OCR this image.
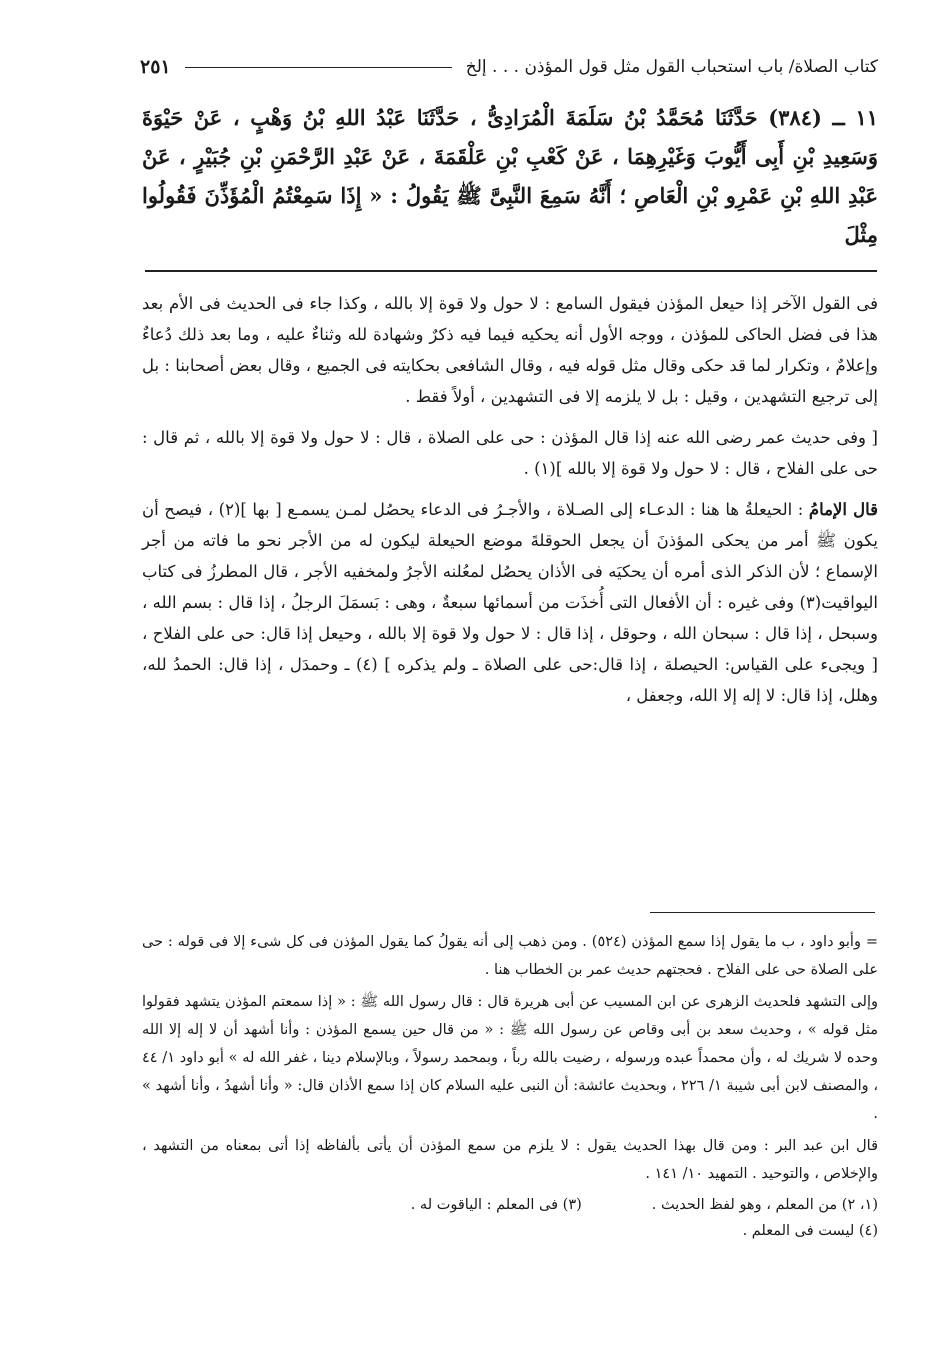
كتاب الصلاة/ باب استحباب القول مثل قول المؤذن . . . إلخ
٢٥١
١١ ــ (٣٨٤) حَدَّثَنَا مُحَمَّدُ بْنُ سَلَمَةَ الْمُرَادِىُّ ، حَدَّثَنَا عَبْدُ اللهِ بْنُ وَهْبٍ ، عَنْ حَيْوَةَ وَسَعِيدِ بْنِ أَبِى أَيُّوبَ وَغَيْرِهِمَا ، عَنْ كَعْبِ بْنِ عَلْقَمَةَ ، عَنْ عَبْدِ الرَّحْمَنِ بْنِ جُبَيْرٍ ، عَنْ عَبْدِ اللهِ بْنِ عَمْرِو بْنِ الْعَاصِ ؛ أَنَّهُ سَمِعَ النَّبِىَّ ﷺ يَقُولُ : « إِذَا سَمِعْتُمُ الْمُؤَذِّنَ فَقُولُوا مِثْلَ

فى القول الآخر إذا حيعل المؤذن فيقول السامع : لا حول ولا قوة إلا بالله ، وكذا جاء فى الحديث فى الأم بعد هذا فى فضل الحاكى للمؤذن ، ووجه الأول أنه يحكيه فيما فيه ذكرٌ وشهادة لله وثناءٌ عليه ، وما بعد ذلك دُعاءٌ وإعلامٌ ، وتكرار لما قد حكى وقال مثل قوله فيه ، وقال الشافعى بحكايته فى الجميع ، وقال بعض أصحابنا : بل إلى ترجيع التشهدين ، وقيل : بل لا يلزمه إلا فى التشهدين ، أولاً فقط .

[ وفى حديث عمر رضى الله عنه إذا قال المؤذن : حى على الصلاة ، قال : لا حول ولا قوة إلا بالله ، ثم قال : حى على الفلاح ، قال : لا حول ولا قوة إلا بالله ](١) .

قال الإمامُ : الحيعلةُ ها هنا : الدعـاء إلى الصـلاة ، والأجـرُ فى الدعاء يحصُل لمـن يسمـع [ بها ](٢) ، فيصح أن يكون ﷺ أمر من يحكى المؤذنَ أن يجعل الحوقلةَ موضع الحيعلة ليكون له من الأجر نحو ما فاته من أجر الإسماع ؛ لأن الذكر الذى أمره أن يحكيَه فى الأذان يحصُل لمعُلنه الأجرُ ولمخفيه الأجر ، قال المطرزُ فى كتاب اليواقيت(٣) وفى غيره : أن الأفعال التى أُخذَت من أسمائها سبعةٌ ، وهى : بَسمَلَ الرجلُ ، إذا قال : بسم الله ، وسبحل ، إذا قال : سبحان الله ، وحوقل ، إذا قال : لا حول ولا قوة إلا بالله ، وحيعل إذا قال: حى على الفلاح ، [ ويجىء على القياس: الحيصلة ، إذا قال:حى على الصلاة ـ ولم يذكره ] (٤) ـ وحمدَل ، إذا قال: الحمدُ لله، وهلل، إذا قال: لا إله إلا الله، وجعفل ،

= وأبو داود ، ب ما يقول إذا سمع المؤذن (٥٢٤) . ومن ذهب إلى أنه يقولُ كما يقول المؤذن فى كل شىء إلا فى قوله : حى على الصلاة حى على الفلاح . فحجتهم حديث عمر بن الخطاب هنا .

وإلى التشهد فلحديث الزهرى عن ابن المسيب عن أبى هريرة قال : قال رسول الله ﷺ : « إذا سمعتم المؤذن يتشهد فقولوا مثل قوله » ، وحديث سعد بن أبى وقاص عن رسول الله ﷺ : « من قال حين يسمع المؤذن : وأنا أشهد أن لا إله إلا الله وحده لا شريك له ، وأن محمداً عبده ورسوله ، رضيت بالله رباً ، وبمحمد رسولاً ، وبالإسلام دينا ، غفر الله له » أبو داود ١/ ٤٤ ، والمصنف لابن أبى شيبة ١/ ٢٢٦ ، وبحديث عائشة: أن النبى عليه السلام كان إذا سمع الأذان قال: « وأنا أشهدُ ، وأنا أشهد » .

قال ابن عبد البر : ومن قال بهذا الحديث يقول : لا يلزم من سمع المؤذن أن يأتى بألفاظه إذا أتى بمعناه من التشهد ، والإخلاص ، والتوحيد . التمهيد ١٠/ ١٤١ .

(١، ٢) من المعلم ، وهو لفظ الحديث .
(٣) فى المعلم : الياقوت له .
(٤) ليست فى المعلم .
